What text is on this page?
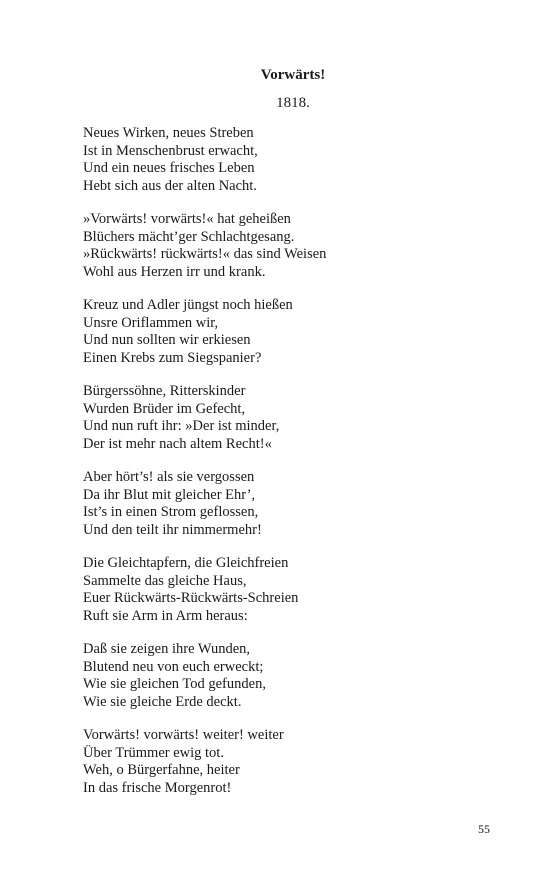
Vorwärts!
1818.
Neues Wirken, neues Streben
Ist in Menschenbrust erwacht,
Und ein neues frisches Leben
Hebt sich aus der alten Nacht.
»Vorwärts! vorwärts!« hat geheißen
Blüchers mächt’ger Schlachtgesang.
»Rückwärts! rückwärts!« das sind Weisen
Wohl aus Herzen irr und krank.
Kreuz und Adler jüngst noch hießen
Unsre Oriflammen wir,
Und nun sollten wir erkiesen
Einen Krebs zum Siegspanier?
Bürgerssöhne, Ritterskinder
Wurden Brüder im Gefecht,
Und nun ruft ihr: »Der ist minder,
Der ist mehr nach altem Recht!«
Aber hört’s! als sie vergossen
Da ihr Blut mit gleicher Ehr’,
Ist’s in einen Strom geflossen,
Und den teilt ihr nimmermehr!
Die Gleichtapfern, die Gleichfreien
Sammelte das gleiche Haus,
Euer Rückwärts-Rückwärts-Schreien
Ruft sie Arm in Arm heraus:
Daß sie zeigen ihre Wunden,
Blutend neu von euch erweckt;
Wie sie gleichen Tod gefunden,
Wie sie gleiche Erde deckt.
Vorwärts! vorwärts! weiter! weiter
Über Trümmer ewig tot.
Weh, o Bürgerfahne, heiter
In das frische Morgenrot!
55
